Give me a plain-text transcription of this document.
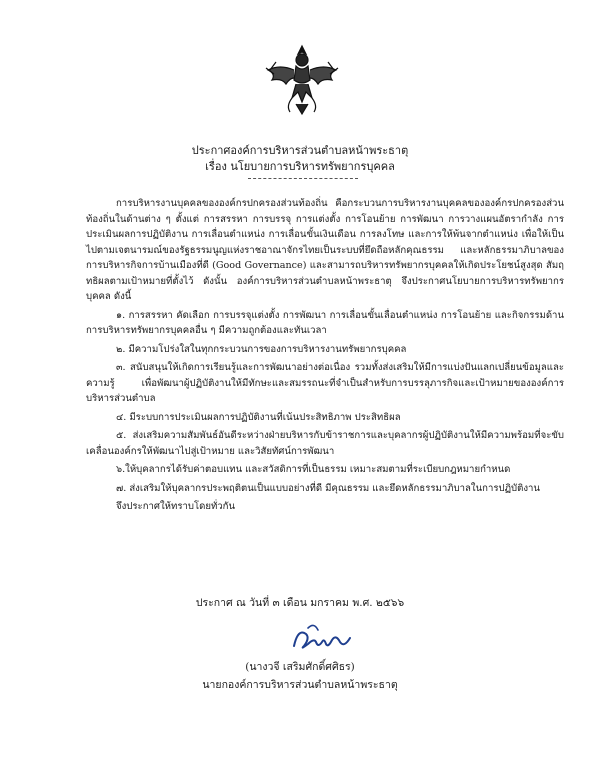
ประกาศองค์การบริหารส่วนตำบลหน้าพระธาตุ
เรื่อง นโยบายการบริหารทรัพยากรบุคคล

การบริหารงานบุคคลขององค์กรปกครองส่วนท้องถิ่น คือกระบวนการบริหารงานบุคคลขององค์กรปกครองส่วนท้องถิ่นในด้านต่าง ๆ ตั้งแต่ การสรรหา การบรรจุ การแต่งตั้ง การโอนย้าย การพัฒนา การวางแผนอัตรากำลัง การประเมินผลการปฏิบัติงาน การเลื่อนตำแหน่ง การเลื่อนขั้นเงินเดือน การลงโทษ และการให้พ้นจากตำแหน่ง เพื่อให้เป็นไปตามเจตนารมณ์ของรัฐธรรมนูญแห่งราชอาณาจักรไทยเป็นระบบที่ยึดถือหลักคุณธรรม และหลักธรรมาภิบาลของการบริหารกิจการบ้านเมืองที่ดี (Good Governance) และสามารถบริหารทรัพยากรบุคคลให้เกิดประโยชน์สูงสุด สัมฤทธิผลตามเป้าหมายที่ตั้งไว้ ดังนั้น องค์การบริหารส่วนตำบลหน้าพระธาตุ จึงประกาศนโยบายการบริหารทรัพยากรบุคคล ดังนี้

๑. การสรรหา คัดเลือก การบรรจุแต่งตั้ง การพัฒนา การเลื่อนขั้นเลื่อนตำแหน่ง การโอนย้าย และกิจกรรมด้านการบริหารทรัพยากรบุคคลอื่น ๆ มีความถูกต้องและทันเวลา

๒. มีความโปร่งใสในทุกกระบวนการของการบริหารงานทรัพยากรบุคคล

๓. สนับสนุนให้เกิดการเรียนรู้และการพัฒนาอย่างต่อเนื่อง รวมทั้งส่งเสริมให้มีการแบ่งปันแลกเปลี่ยนข้อมูลและความรู้ เพื่อพัฒนาผู้ปฏิบัติงานให้มีทักษะและสมรรถนะที่จำเป็นสำหรับการบรรลุภารกิจและเป้าหมายขององค์การบริหารส่วนตำบล

๔. มีระบบการประเมินผลการปฏิบัติงานที่เน้นประสิทธิภาพ ประสิทธิผล

๕. ส่งเสริมความสัมพันธ์อันดีระหว่างฝ่ายบริหารกับข้าราชการและบุคลากรผู้ปฏิบัติงานให้มีความพร้อมที่จะขับเคลื่อนองค์กรให้พัฒนาไปสู่เป้าหมาย และวิสัยทัศน์การพัฒนา

๖.ให้บุคลากรได้รับค่าตอบแทน และสวัสดิการที่เป็นธรรม เหมาะสมตามที่ระเบียบกฎหมายกำหนด

๗. ส่งเสริมให้บุคลากรประพฤติตนเป็นแบบอย่างที่ดี มีคุณธรรม และยึดหลักธรรมาภิบาลในการปฏิบัติงาน

จึงประกาศให้ทราบโดยทั่วกัน

ประกาศ ณ วันที่ ๓ เดือน มกราคม พ.ศ. ๒๕๖๖
(นางวจี เสริมศักดิ์ศศิธร)
นายกองค์การบริหารส่วนตำบลหน้าพระธาตุ
